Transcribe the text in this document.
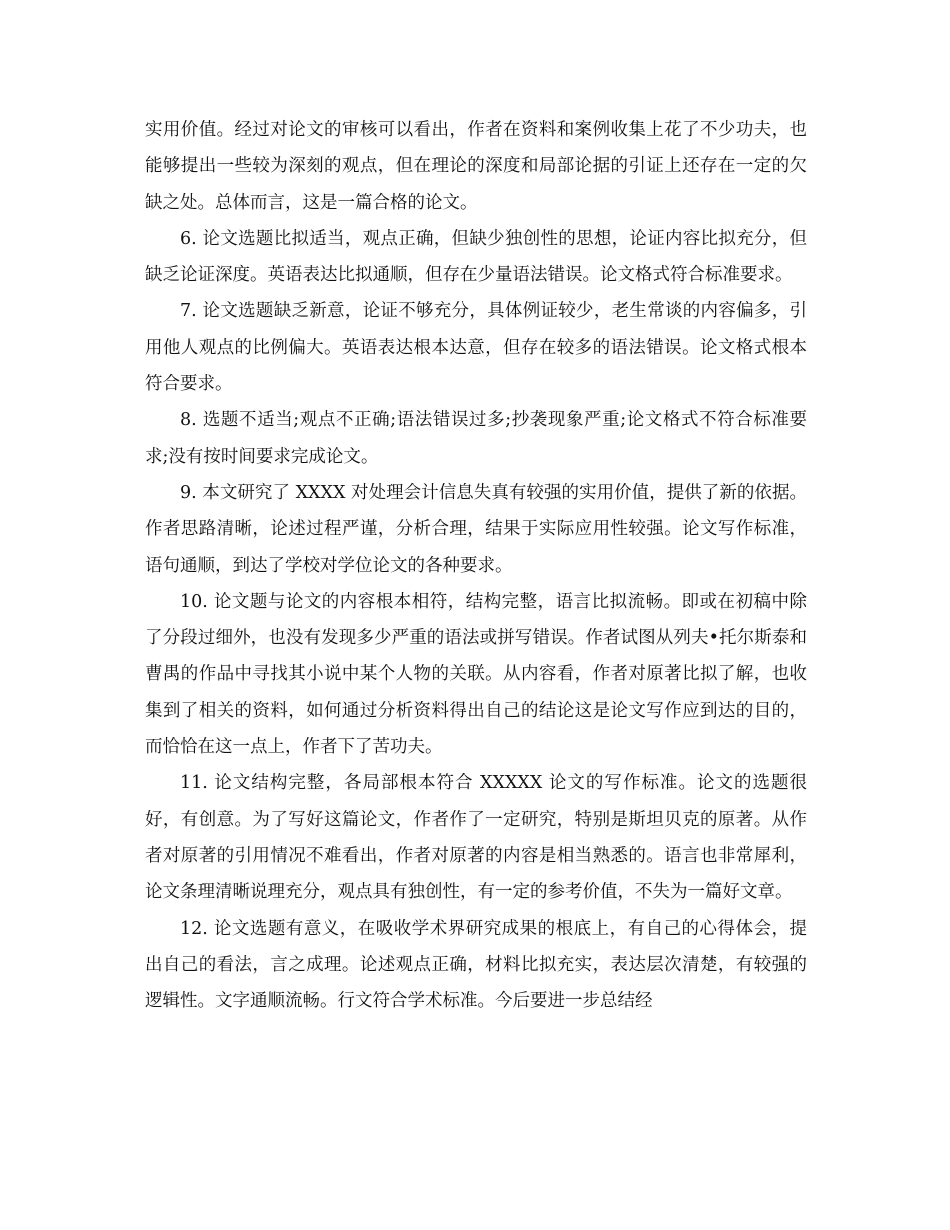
实用价值。经过对论文的审核可以看出，作者在资料和案例收集上花了不少功夫，也能够提出一些较为深刻的观点，但在理论的深度和局部论据的引证上还存在一定的欠缺之处。总体而言，这是一篇合格的论文。

6. 论文选题比拟适当，观点正确，但缺少独创性的思想，论证内容比拟充分，但缺乏论证深度。英语表达比拟通顺，但存在少量语法错误。论文格式符合标准要求。

7. 论文选题缺乏新意，论证不够充分，具体例证较少，老生常谈的内容偏多，引用他人观点的比例偏大。英语表达根本达意，但存在较多的语法错误。论文格式根本符合要求。

8. 选题不适当;观点不正确;语法错误过多;抄袭现象严重;论文格式不符合标准要求;没有按时间要求完成论文。

9. 本文研究了 XXXX 对处理会计信息失真有较强的实用价值，提供了新的依据。作者思路清晰，论述过程严谨，分析合理，结果于实际应用性较强。论文写作标准，语句通顺，到达了学校对学位论文的各种要求。

10. 论文题与论文的内容根本相符，结构完整，语言比拟流畅。即或在初稿中除了分段过细外，也没有发现多少严重的语法或拼写错误。作者试图从列夫•托尔斯泰和曹禺的作品中寻找其小说中某个人物的关联。从内容看，作者对原著比拟了解，也收集到了相关的资料，如何通过分析资料得出自己的结论这是论文写作应到达的目的，而恰恰在这一点上，作者下了苦功夫。

11. 论文结构完整，各局部根本符合 XXXXX 论文的写作标准。论文的选题很好，有创意。为了写好这篇论文，作者作了一定研究，特别是斯坦贝克的原著。从作者对原著的引用情况不难看出，作者对原著的内容是相当熟悉的。语言也非常犀利，论文条理清晰说理充分，观点具有独创性，有一定的参考价值，不失为一篇好文章。

12. 论文选题有意义，在吸收学术界研究成果的根底上，有自己的心得体会，提出自己的看法，言之成理。论述观点正确，材料比拟充实，表达层次清楚，有较强的逻辑性。文字通顺流畅。行文符合学术标准。今后要进一步总结经
